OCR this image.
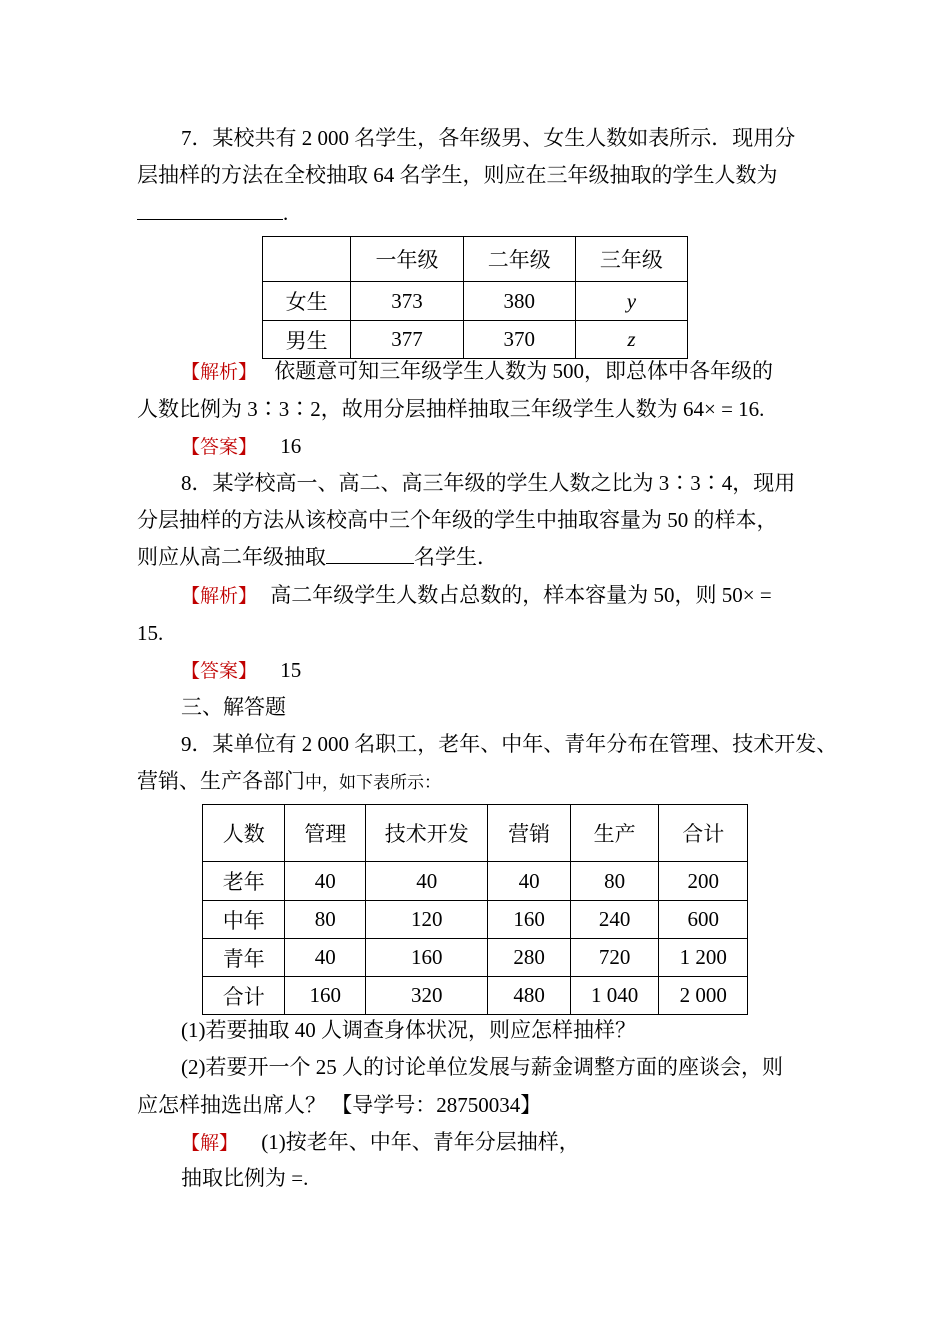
7．某校共有 2 000 名学生，各年级男、女生人数如表所示．现用分
层抽样的方法在全校抽取 64 名学生，则应在三年级抽取的学生人数为
.
	一年级	二年级	三年级
女生	373	380	y
男生	377	370	z
【解析】 依题意可知三年级学生人数为 500，即总体中各年级的
人数比例为 3∶3∶2，故用分层抽样抽取三年级学生人数为 64× = 16.
【答案】 16
8．某学校高一、高二、高三年级的学生人数之比为 3∶3∶4，现用
分层抽样的方法从该校高中三个年级的学生中抽取容量为 50 的样本，
则应从高二年级抽取	名学生．
【解析】 高二年级学生人数占总数的，样本容量为 50，则 50× =
15.
【答案】 15
三、解答题
9．某单位有 2 000 名职工，老年、中年、青年分布在管理、技术开发、
营销、生产各部门中，如下表所示：
人数	管理	技术开发	营销	生产	合计
老年	40	40	40	80	200
中年	80	120	160	240	600
青年	40	160	280	720	1 200
合计	160	320	480	1 040	2 000
(1)若要抽取 40 人调查身体状况，则应怎样抽样？
(2)若要开一个 25 人的讨论单位发展与薪金调整方面的座谈会，则
应怎样抽选出席人？ 【导学号：28750034】
【解】 (1)按老年、中年、青年分层抽样，
抽取比例为 =.
